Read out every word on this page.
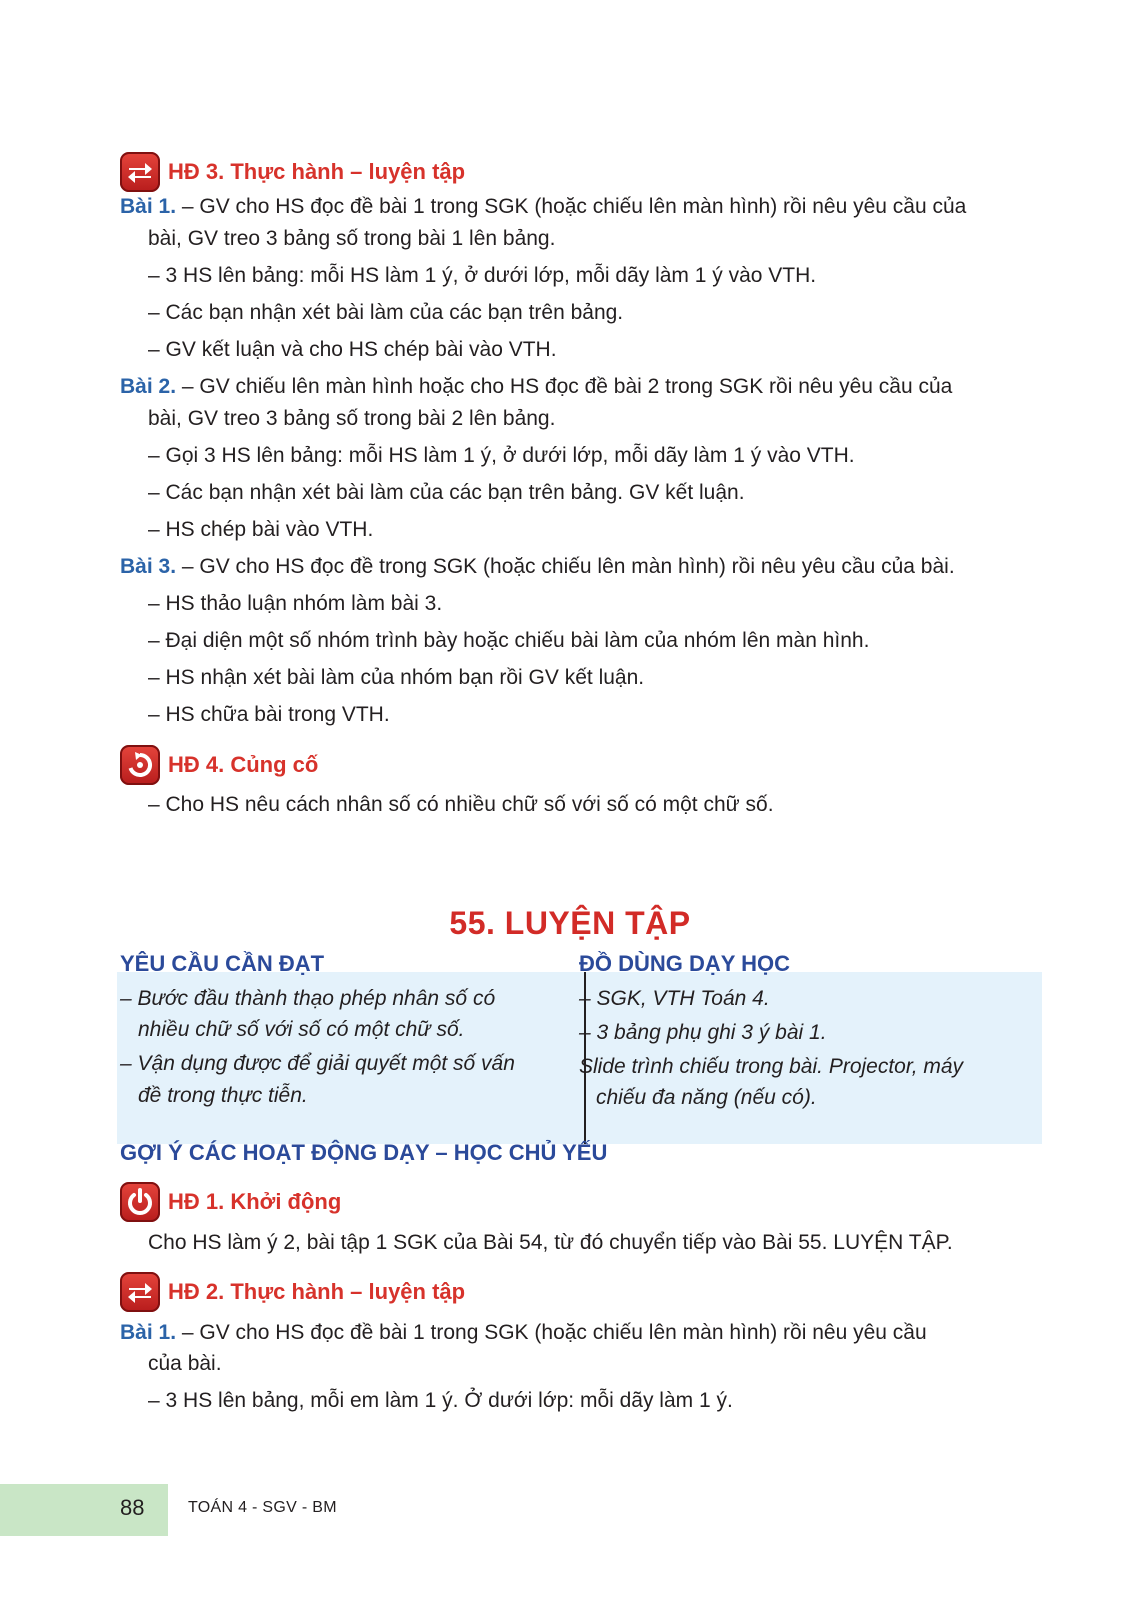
HĐ 3. Thực hành – luyện tập
Bài 1. – GV cho HS đọc đề bài 1 trong SGK (hoặc chiếu lên màn hình) rồi nêu yêu cầu của
bài, GV treo 3 bảng số trong bài 1 lên bảng.
– 3 HS lên bảng: mỗi HS làm 1 ý, ở dưới lớp, mỗi dãy làm 1 ý vào VTH.
– Các bạn nhận xét bài làm của các bạn trên bảng.
– GV kết luận và cho HS chép bài vào VTH.
Bài 2. – GV chiếu lên màn hình hoặc cho HS đọc đề bài 2 trong SGK rồi nêu yêu cầu của
bài, GV treo 3 bảng số trong bài 2 lên bảng.
– Gọi 3 HS lên bảng: mỗi HS làm 1 ý, ở dưới lớp, mỗi dãy làm 1 ý vào VTH.
– Các bạn nhận xét bài làm của các bạn trên bảng. GV kết luận.
– HS chép bài vào VTH.
Bài 3. – GV cho HS đọc đề trong SGK (hoặc chiếu lên màn hình) rồi nêu yêu cầu của bài.
– HS thảo luận nhóm làm bài 3.
– Đại diện một số nhóm trình bày hoặc chiếu bài làm của nhóm lên màn hình.
– HS nhận xét bài làm của nhóm bạn rồi GV kết luận.
– HS chữa bài trong VTH.
HĐ 4. Củng cố
– Cho HS nêu cách nhân số có nhiều chữ số với số có một chữ số.
55. LUYỆN TẬP
YÊU CẦU CẦN ĐẠT
– Bước đầu thành thạo phép nhân số có
nhiều chữ số với số có một chữ số.
– Vận dụng được để giải quyết một số vấn
đề trong thực tiễn.
ĐỒ DÙNG DẠY HỌC
– SGK, VTH Toán 4.
– 3 bảng phụ ghi 3 ý bài 1.
Slide trình chiếu trong bài. Projector, máy
chiếu đa năng (nếu có).
GỢI Ý CÁC HOẠT ĐỘNG DẠY – HỌC CHỦ YẾU
HĐ 1. Khởi động
Cho HS làm ý 2, bài tập 1 SGK của Bài 54, từ đó chuyển tiếp vào Bài 55. LUYỆN TẬP.
HĐ 2. Thực hành – luyện tập
Bài 1. – GV cho HS đọc đề bài 1 trong SGK (hoặc chiếu lên màn hình) rồi nêu yêu cầu
của bài.
– 3 HS lên bảng, mỗi em làm 1 ý. Ở dưới lớp: mỗi dãy làm 1 ý.
88	TOÁN 4 - SGV - BM
